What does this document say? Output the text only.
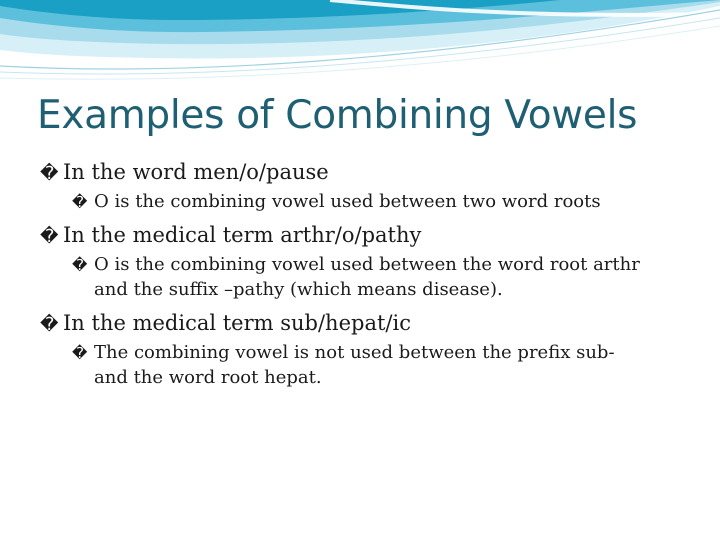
Examples of Combining Vowels

� In the word men/o/pause

� O is the combining vowel used between two word roots

� In the medical term arthr/o/pathy

� O is the combining vowel used between the word root arthr and the suffix –pathy (which means disease).

� In the medical term sub/hepat/ic

� The combining vowel is not used between the prefix sub- and the word root hepat.
